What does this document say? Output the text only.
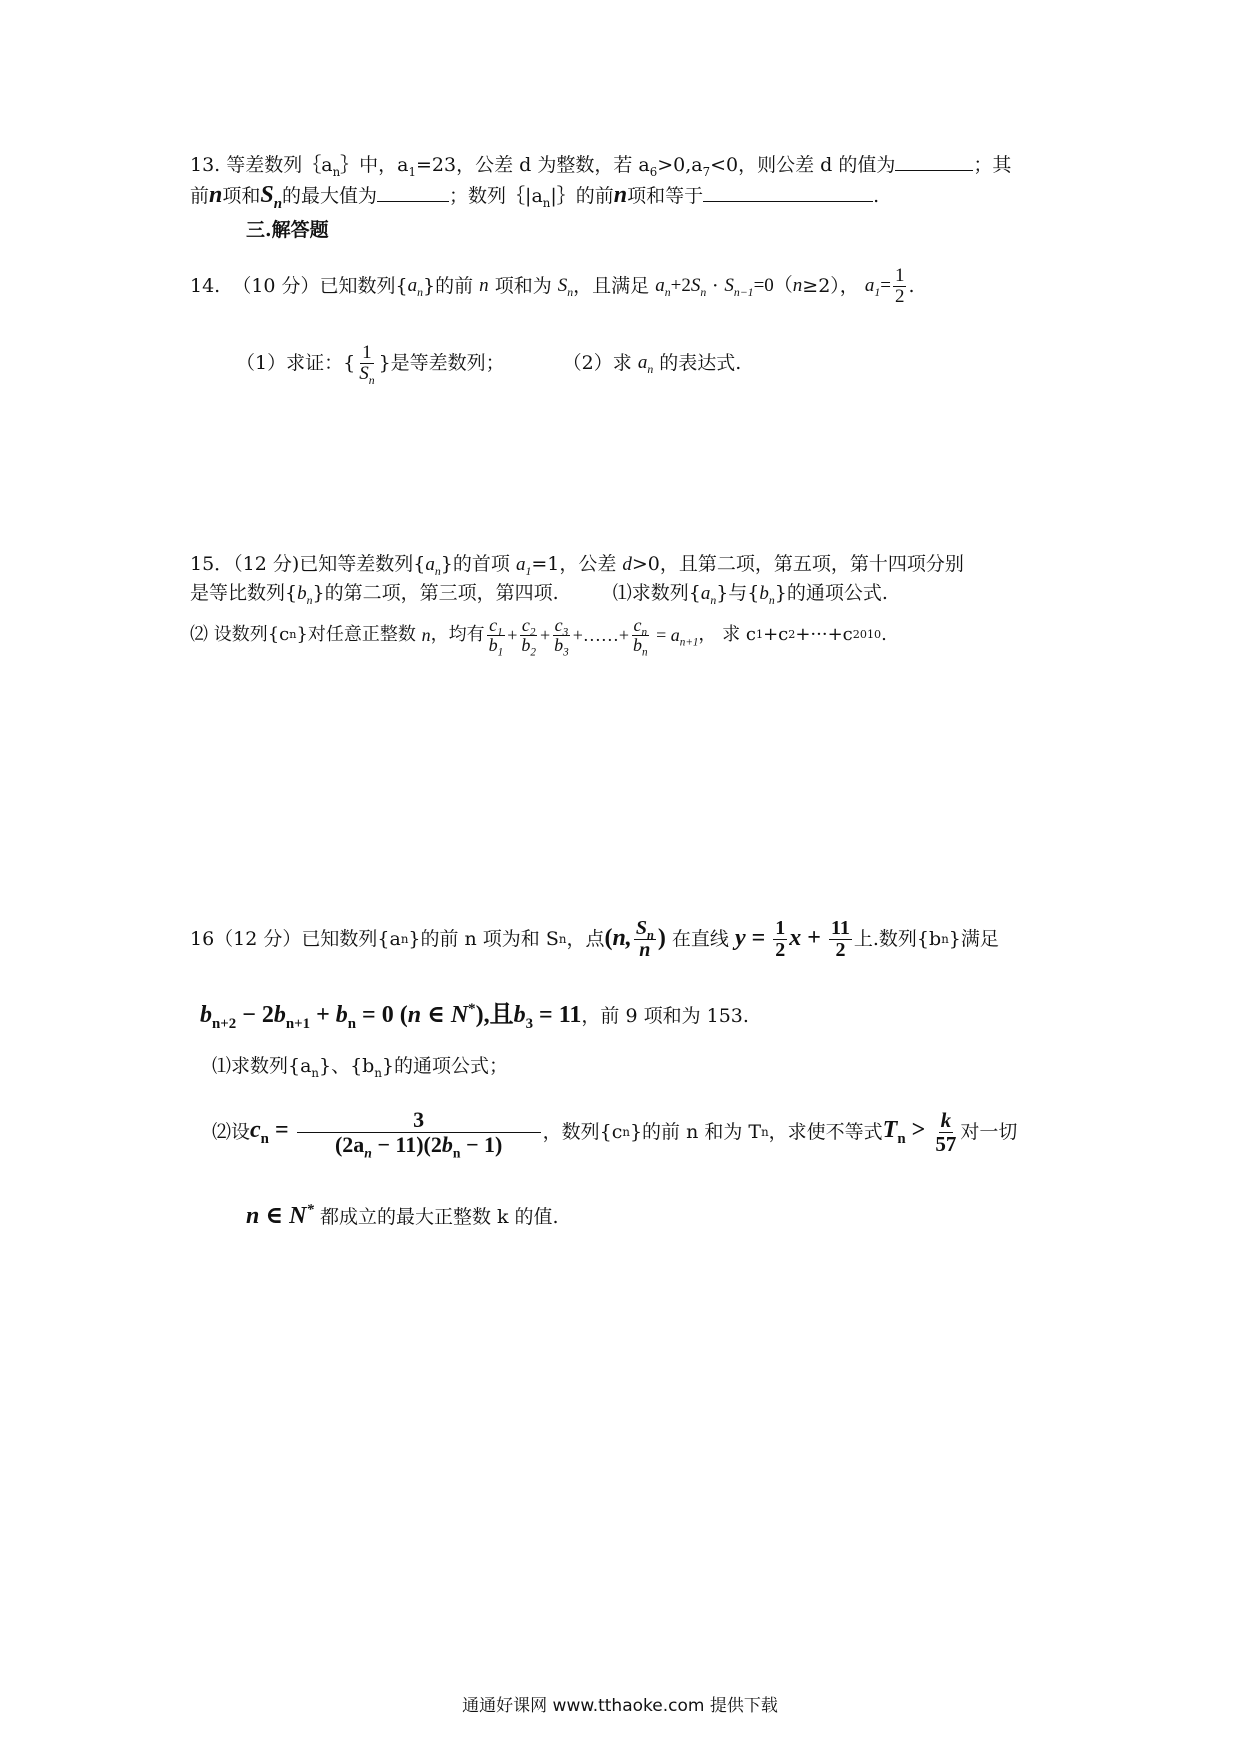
13. 等差数列$\{a_n\}$中，$a_1=23$，公差 d 为整数，若 $a_6>0,a_7<0$，则公差 d 的值为	；其
前n项和$S_n$的最大值为	；数列$\{|a_n|\}$的前n项和等于	.
三.解答题
14.
（10 分）已知数列{ $a_n$ }的前
n
项和为
$S_n$ ，且满足
$a_n +2$ $S_n$
·
$S_{n-1} =0$（ n ≥2），
$a_1 = \frac{1}{2}$ .
（1）求证：{ $\frac{1}{S_n}$ }是等差数列；	（2）求
$a_n$
的表达式.
15．（12 分)已知等差数列$\{a_n\}$的首项 $a_1=1$，公差 d>0，且第二项，第五项，第十四项分别
是等比数列$\{b_n\}$的第二项，第三项，第四项.	⑴求数列$\{a_n\}$与$\{b_n\}$的通项公式.
⑵ 设数列{c n }对任意正整数
n ，均有 $\frac{c_1}{b_1} + \frac{c_2}{b_2} + \frac{c_3}{b_3}$ + …… + $\frac{c_n}{b_n} = a_{n+1}$ ， 求 c 1 +c 2 +···+c 2010 .
16（12 分）已知数列{a n }的前 n 项为和 S n ，点 (n, $\frac{S_n}{n}$ )
在直线
$y = \frac{1}{2}$ $x + \frac{11}{2}$ 上.数列{b n }满足
$b_{n+2} - 2b_{n+1} + b_n = 0$ (n ∈ N*),且$b_3 = 11$，前 9 项和为 153.
⑴求数列$\{a_n\}$、$\{b_n\}$的通项公式；
⑵设 $c_n = \frac{3}{(2a_n - 11)(2b_n - 1)}$ ，数列{c n }的前 n 和为 T n ，求使不等式 $T_n > \frac{k}{57}$ 对一切
n ∈ N* 都成立的最大正整数 k 的值.
通通好课网 www.tthaoke.com 提供下载
